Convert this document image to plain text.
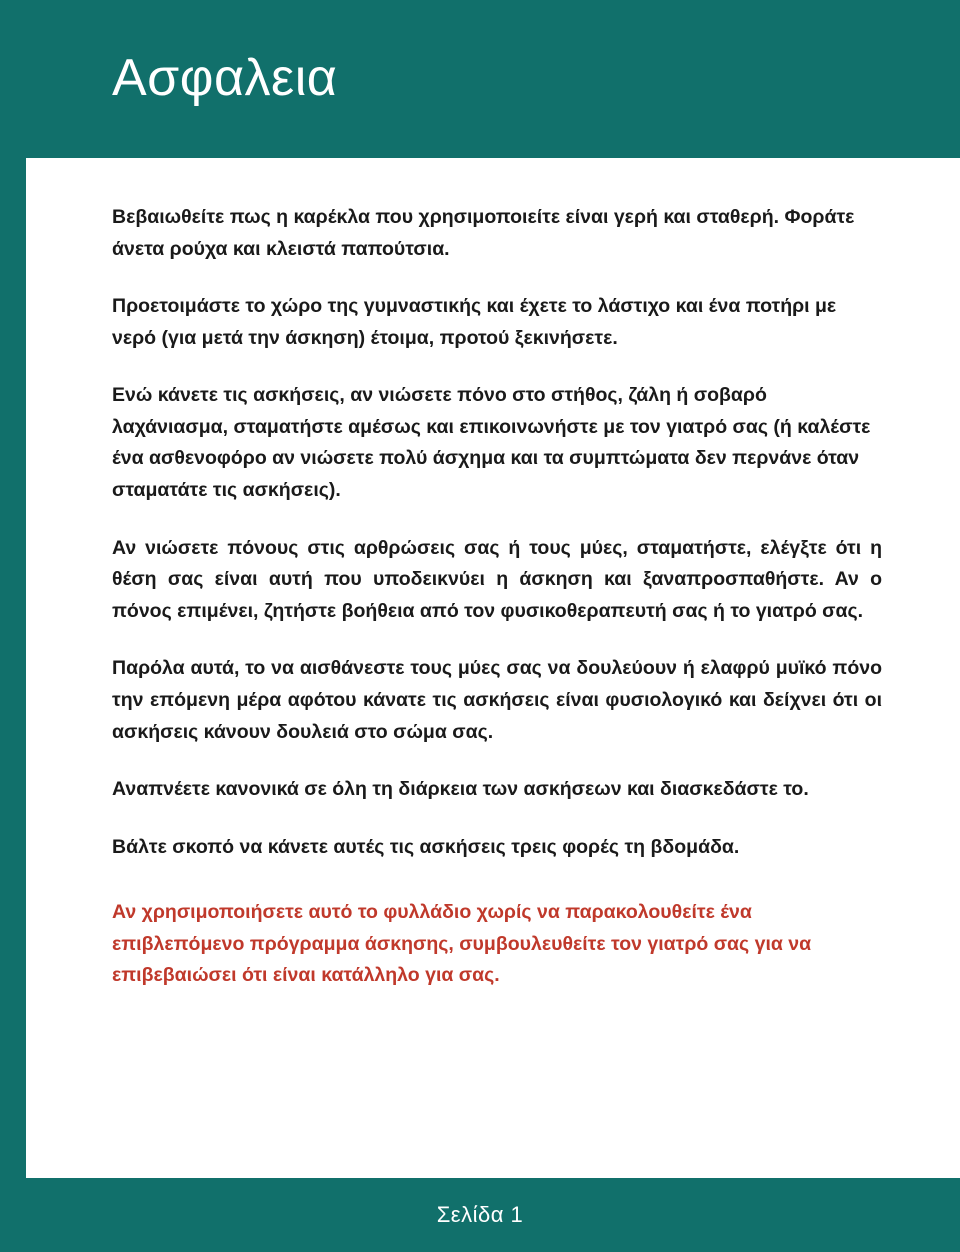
Ασφαλεια

Βεβαιωθείτε πως η καρέκλα που χρησιμοποιείτε είναι γερή και σταθερή. Φοράτε άνετα ρούχα και κλειστά παπούτσια.

Προετοιμάστε το χώρο της γυμναστικής και έχετε το λάστιχο και ένα ποτήρι με νερό (για μετά την άσκηση) έτοιμα, προτού ξεκινήσετε.

Ενώ κάνετε τις ασκήσεις, αν νιώσετε πόνο στο στήθος, ζάλη ή σοβαρό λαχάνιασμα, σταματήστε αμέσως και επικοινωνήστε με τον γιατρό σας (ή καλέστε ένα ασθενοφόρο αν νιώσετε πολύ άσχημα και τα συμπτώματα δεν περνάνε όταν σταματάτε τις ασκήσεις).

Αν νιώσετε πόνους στις αρθρώσεις σας ή τους μύες, σταματήστε, ελέγξτε ότι η θέση σας είναι αυτή που υποδεικνύει η άσκηση και ξαναπροσπαθήστε. Αν ο πόνος επιμένει, ζητήστε βοήθεια από τον φυσικοθεραπευτή σας ή το γιατρό σας.

Παρόλα αυτά, το να αισθάνεστε τους μύες σας να δουλεύουν ή ελαφρύ μυϊκό πόνο την επόμενη μέρα αφότου κάνατε τις ασκήσεις είναι φυσιολογικό και δείχνει ότι οι ασκήσεις κάνουν δουλειά στο σώμα σας.

Αναπνέετε κανονικά σε όλη τη διάρκεια των ασκήσεων και διασκεδάστε το.

Βάλτε σκοπό να κάνετε αυτές τις ασκήσεις τρεις φορές τη βδομάδα.

Αν χρησιμοποιήσετε αυτό το φυλλάδιο χωρίς να παρακολουθείτε ένα επιβλεπόμενο πρόγραμμα άσκησης, συμβουλευθείτε τον γιατρό σας για να επιβεβαιώσει ότι είναι κατάλληλο για σας.

Σελίδα 1
